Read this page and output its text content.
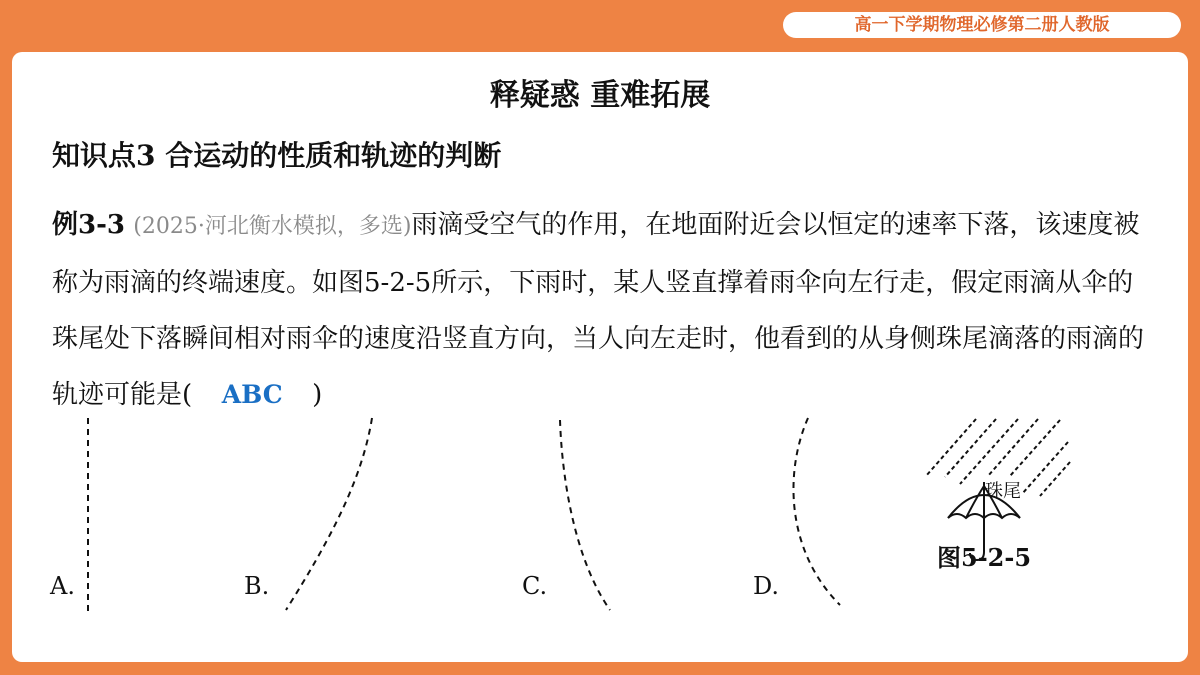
高一下学期物理必修第二册人教版
释疑惑 重难拓展
知识点3 合运动的性质和轨迹的判断
例3-3 (2025·河北衡水模拟，多选)雨滴受空气的作用，在地面附近会以恒定的速率下落，该速度被称为雨滴的终端速度。如图5-2-5所示，下雨时，某人竖直撑着雨伞向左行走，假定雨滴从伞的珠尾处下落瞬间相对雨伞的速度沿竖直方向，当人向左走时，他看到的从身侧珠尾滴落的雨滴的轨迹可能是( ABC )
A.	B.	C.	D.
珠尾
图5-2-5
